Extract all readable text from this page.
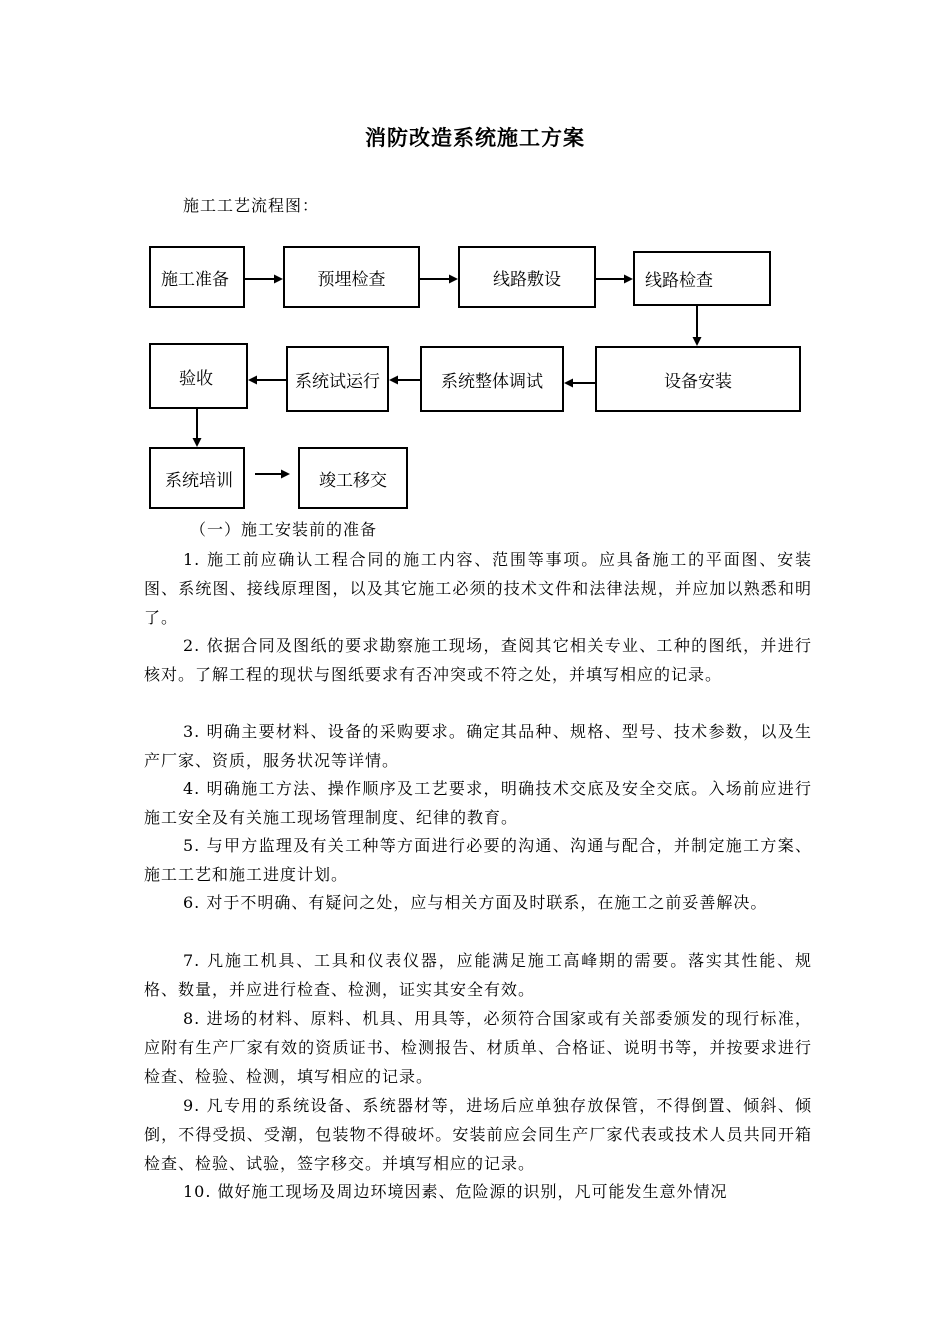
消防改造系统施工方案
施工工艺流程图：
施工准备	预埋检查	线路敷设	线路检查
设备安装
系统整体调试
系统试运行
验收
系统培训	竣工移交
（一）施工安装前的准备

1. 施工前应确认工程合同的施工内容、范围等事项。应具备施工的平面图、安装图、系统图、接线原理图，以及其它施工必须的技术文件和法律法规，并应加以熟悉和明了。

2. 依据合同及图纸的要求勘察施工现场，查阅其它相关专业、工种的图纸，并进行核对。了解工程的现状与图纸要求有否冲突或不符之处，并填写相应的记录。

3. 明确主要材料、设备的采购要求。确定其品种、规格、型号、技术参数，以及生产厂家、资质，服务状况等详情。

4. 明确施工方法、操作顺序及工艺要求，明确技术交底及安全交底。入场前应进行施工安全及有关施工现场管理制度、纪律的教育。

5. 与甲方监理及有关工种等方面进行必要的沟通、沟通与配合，并制定施工方案、施工工艺和施工进度计划。

6. 对于不明确、有疑问之处，应与相关方面及时联系，在施工之前妥善解决。

7. 凡施工机具、工具和仪表仪器，应能满足施工高峰期的需要。落实其性能、规格、数量，并应进行检查、检测，证实其安全有效。

8. 进场的材料、原料、机具、用具等，必须符合国家或有关部委颁发的现行标准，应附有生产厂家有效的资质证书、检测报告、材质单、合格证、说明书等，并按要求进行检查、检验、检测，填写相应的记录。

9. 凡专用的系统设备、系统器材等，进场后应单独存放保管，不得倒置、倾斜、倾倒，不得受损、受潮，包装物不得破坏。安装前应会同生产厂家代表或技术人员共同开箱检查、检验、试验，签字移交。并填写相应的记录。

10. 做好施工现场及周边环境因素、危险源的识别，凡可能发生意外情况
